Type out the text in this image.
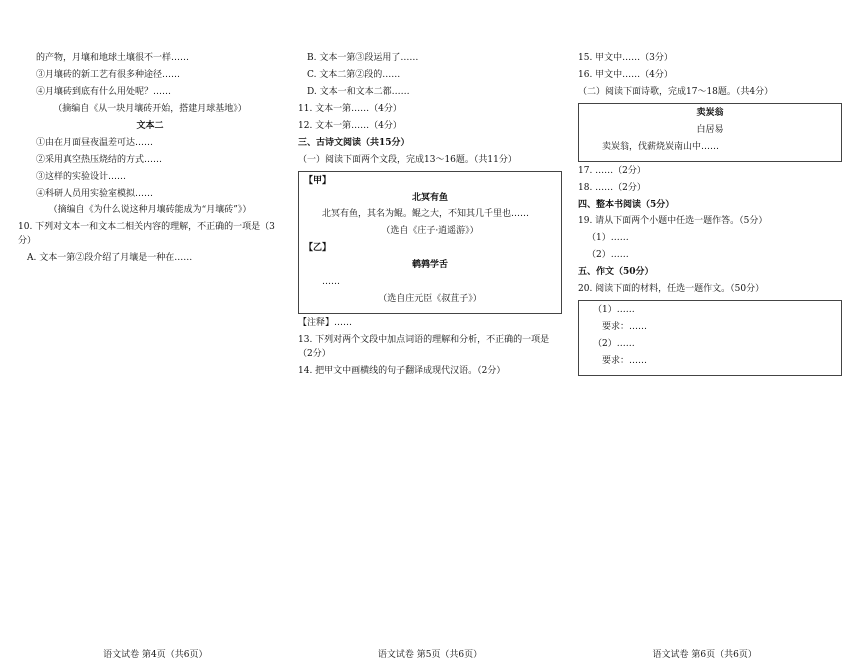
的产物，月壤和地球土壤很不一样……

③月壤砖的新工艺有很多种途径……

④月壤砖到底有什么用处呢？……

（摘编自《从一块月壤砖开始，搭建月球基地》）

文本二

①由在月面昼夜温差可达……

②采用真空热压烧结的方式……

③这样的实验设计……

④科研人员用实验室模拟……

（摘编自《为什么说这种月壤砖能成为“月壤砖”》）

10. 下列对文本一和文本二相关内容的理解，不正确的一项是（3分）

A. 文本一第②段介绍了月壤是一种在……

B. 文本一第③段运用了……

C. 文本二第②段的……

D. 文本一和文本二都……

11. 文本一第……（4分）

12. 文本一第……（4分）

三、古诗文阅读（共15分）

（一）阅读下面两个文段，完成13～16题。（共11分）

【甲】

北冥有鱼

北冥有鱼，其名为鲲。鲲之大，不知其几千里也……

（选自《庄子·逍遥游》）

【乙】

鹌鹑学舌

……

（选自庄元臣《叔苴子》）

【注释】……

13. 下列对两个文段中加点词语的理解和分析，不正确的一项是（2分）

14. 把甲文中画横线的句子翻译成现代汉语。（2分）

15. 甲文中……（3分）

16. 甲文中……（4分）

（二）阅读下面诗歌，完成17～18题。（共4分）

卖炭翁

白居易

卖炭翁，伐薪烧炭南山中……

17. ……（2分）

18. ……（2分）

四、整本书阅读（5分）

19. 请从下面两个小题中任选一题作答。（5分）

（1）……

（2）……

五、作文（50分）

20. 阅读下面的材料，任选一题作文。（50分）

（1）……

要求：……

（2）……

要求：……

语文试卷 第4页（共6页）	语文试卷 第5页（共6页）	语文试卷 第6页（共6页）
